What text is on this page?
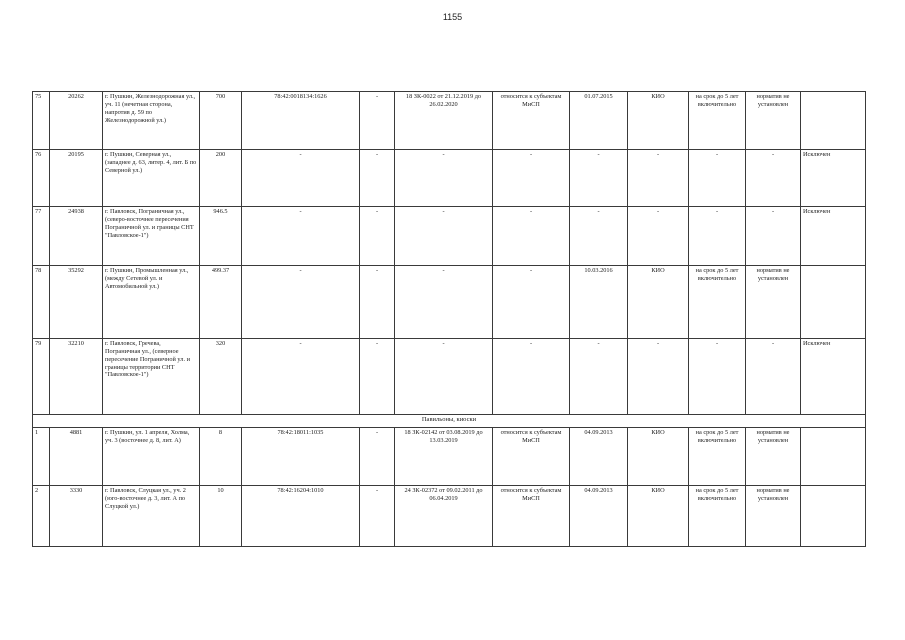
1155
75	20262	г. Пушкин, Железнодорожная ул., уч. 11 (нечетная сторона, напротив д. 59 по Железнодорожной ул.)	700	78:42:0018134:1626	-	18 ЗК-0022 от 21.12.2019 до 26.02.2020	относится к субъектам МиСП	01.07.2015	КИО	на срок до 5 лет включительно	норматив не установлен	
76	20195	г. Пушкин, Северная ул., (западнее д. 63, литер. 4, лит. Б по Северной ул.)	200	-	-	-	-	-	-	-	-	Исключен
77	24938	г. Павловск, Пограничная ул., (северо-восточнее пересечения Пограничной ул. и границы СНТ "Павловское-1")	946.5	-	-	-	-	-	-	-	-	Исключен
78	35292	г. Пушкин, Промышленная ул., (между Сетевой ул. и Автомобильной ул.)	499.37	-	-	-	-	10.03.2016	КИО	на срок до 5 лет включительно	норматив не установлен	
79	32210	г. Павловск, Гречева, Пограничная ул., (северное пересечение Пограничной ул. и границы территории СНТ "Павловское-1")	320	-	-	-	-	-	-	-	-	Исключен
Павильоны, киоски												
1	4881	г. Пушкин, ул. 1 апреля, Холма, уч. 3 (восточнее д. 8, лит. А)	8	78:42:18011:1035	-	18 ЗК-02142 от 03.08.2019 до 13.03.2019	относится к субъектам МиСП	04.09.2013	КИО	на срок до 5 лет включительно	норматив не установлен	
2	3330	г. Павловск, Слуцкая ул., уч. 2 (юго-восточнее д. 3, лит. А по Слуцкой ул.)	10	78:42:16204:1010	-	24 ЗК-02372 от 09.02.2011 до 06.04.2019	относится к субъектам МиСП	04.09.2013	КИО	на срок до 5 лет включительно	норматив не установлен	
